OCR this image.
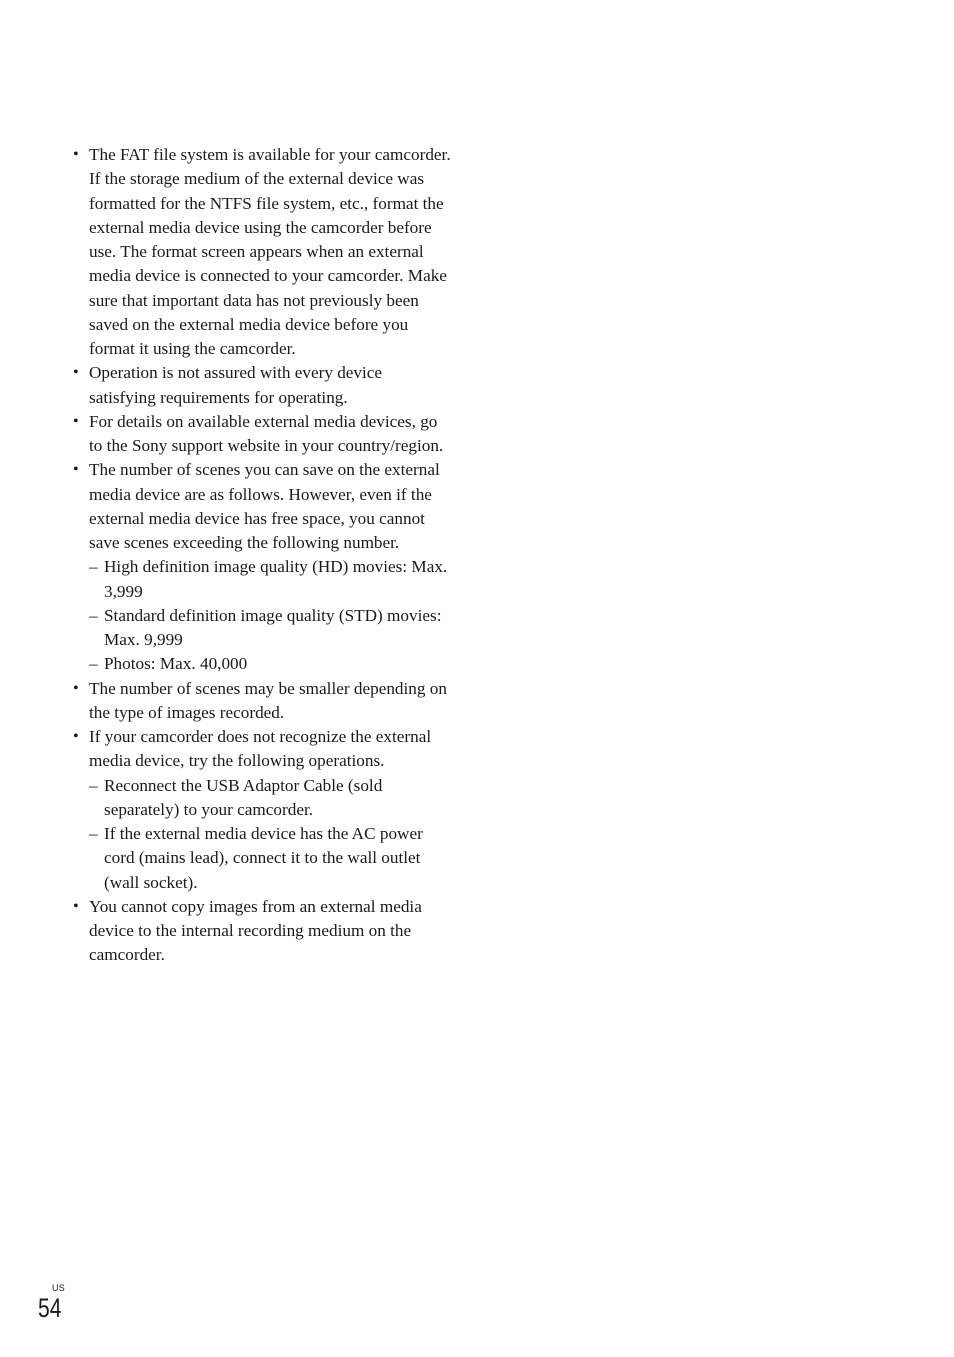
• The FAT file system is available for your camcorder. If the storage medium of the external device was formatted for the NTFS file system, etc., format the external media device using the camcorder before use. The format screen appears when an external media device is connected to your camcorder. Make sure that important data has not previously been saved on the external media device before you format it using the camcorder.
• Operation is not assured with every device satisfying requirements for operating.
• For details on available external media devices, go to the Sony support website in your country/region.
• The number of scenes you can save on the external media device are as follows. However, even if the external media device has free space, you cannot save scenes exceeding the following number.
– High definition image quality (HD) movies: Max. 3,999
– Standard definition image quality (STD) movies: Max. 9,999
– Photos: Max. 40,000
• The number of scenes may be smaller depending on the type of images recorded.
• If your camcorder does not recognize the external media device, try the following operations.
– Reconnect the USB Adaptor Cable (sold separately) to your camcorder.
– If the external media device has the AC power cord (mains lead), connect it to the wall outlet (wall socket).
• You cannot copy images from an external media device to the internal recording medium on the camcorder.
US
54
